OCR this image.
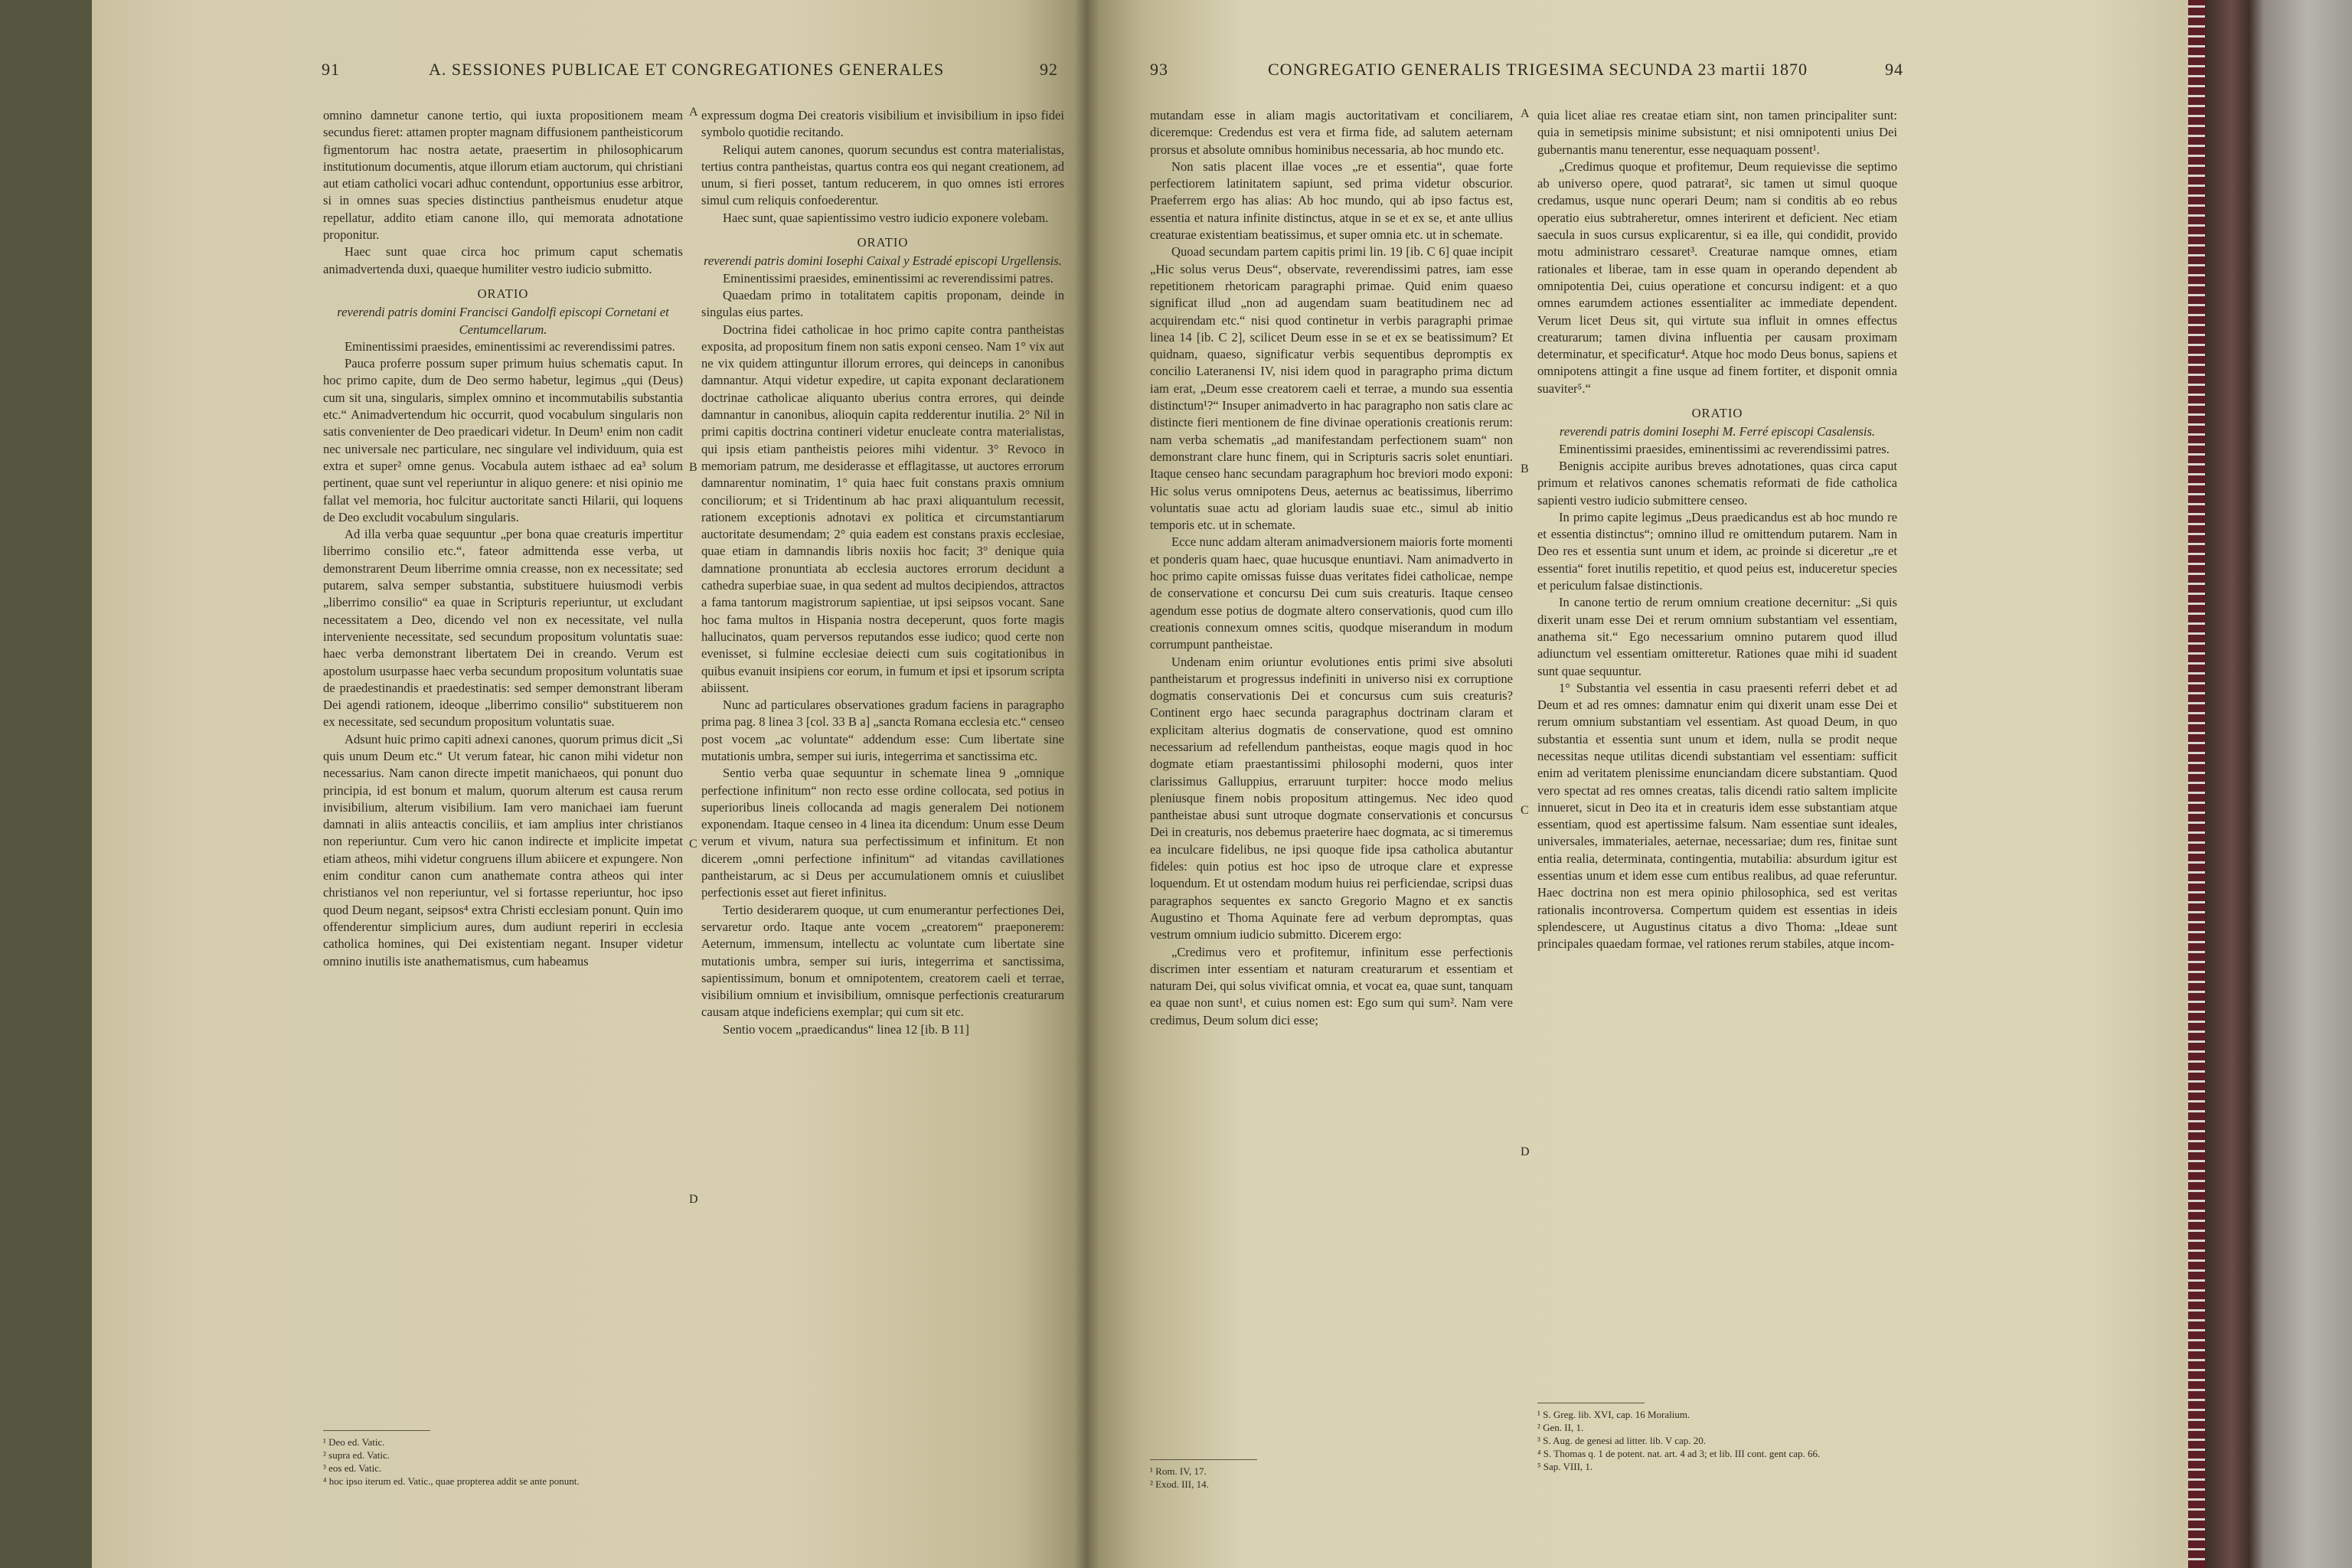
91	A. SESSIONES PUBLICAE ET CONGREGATIONES GENERALES	92

omnino damnetur canone tertio, qui iuxta propositionem meam secundus fieret: attamen propter magnam diffusionem pantheisticorum figmentorum hac nostra aetate, praesertim in philosophicarum institutionum documentis, atque illorum etiam auctorum, qui christiani aut etiam catholici vocari adhuc contendunt, opportunius esse arbitror, si in omnes suas species distinctius pantheismus enudetur atque repellatur, addito etiam canone illo, qui memorata adnotatione proponitur.

Haec sunt quae circa hoc primum caput schematis animadvertenda duxi, quaeque humiliter vestro iudicio submitto.

ORATIO

reverendi patris domini Francisci Gandolfi episcopi Cornetani et Centumcellarum.

Eminentissimi praesides, eminentissimi ac reverendissimi patres.

Pauca proferre possum super primum huius schematis caput. In hoc primo capite, dum de Deo sermo habetur, legimus „qui (Deus) cum sit una, singularis, simplex omnino et incommutabilis substantia etc.“ Animadvertendum hic occurrit, quod vocabulum singularis non satis convenienter de Deo praedicari videtur. In Deum¹ enim non cadit nec universale nec particulare, nec singulare vel individuum, quia est extra et super² omne genus. Vocabula autem isthaec ad ea³ solum pertinent, quae sunt vel reperiuntur in aliquo genere: et nisi opinio me fallat vel memoria, hoc fulcitur auctoritate sancti Hilarii, qui loquens de Deo excludit vocabulum singularis.

Ad illa verba quae sequuntur „per bona quae creaturis impertitur liberrimo consilio etc.“, fateor admittenda esse verba, ut demonstrarent Deum liberrime omnia creasse, non ex necessitate; sed putarem, salva semper substantia, substituere huiusmodi verbis „liberrimo consilio“ ea quae in Scripturis reperiuntur, ut excludant necessitatem a Deo, dicendo vel non ex necessitate, vel nulla interveniente necessitate, sed secundum propositum voluntatis suae: haec verba demonstrant libertatem Dei in creando. Verum est apostolum usurpasse haec verba secundum propositum voluntatis suae de praedestinandis et praedestinatis: sed semper demonstrant liberam Dei agendi rationem, ideoque „liberrimo consilio“ substituerem non ex necessitate, sed secundum propositum voluntatis suae.

Adsunt huic primo capiti adnexi canones, quorum primus dicit „Si quis unum Deum etc.“ Ut verum fatear, hic canon mihi videtur non necessarius. Nam canon directe impetit manichaeos, qui ponunt duo principia, id est bonum et malum, quorum alterum est causa rerum invisibilium, alterum visibilium. Iam vero manichaei iam fuerunt damnati in aliis anteactis conciliis, et iam amplius inter christianos non reperiuntur. Cum vero hic canon indirecte et implicite impetat etiam atheos, mihi videtur congruens illum abiicere et expungere. Non enim conditur canon cum anathemate contra atheos qui inter christianos vel non reperiuntur, vel si fortasse reperiuntur, hoc ipso quod Deum negant, seipsos⁴ extra Christi ecclesiam ponunt. Quin imo offenderentur simplicium aures, dum audiunt reperiri in ecclesia catholica homines, qui Dei existentiam negant. Insuper videtur omnino inutilis iste anathematismus, cum habeamus

expressum dogma Dei creatoris visibilium et invisibilium in ipso fidei symbolo quotidie recitando.

Reliqui autem canones, quorum secundus est contra materialistas, tertius contra pantheistas, quartus contra eos qui negant creationem, ad unum, si fieri posset, tantum reducerem, in quo omnes isti errores simul cum reliquis confoederentur.

Haec sunt, quae sapientissimo vestro iudicio exponere volebam.

ORATIO

reverendi patris domini Iosephi Caixal y Estradé episcopi Urgellensis.

Eminentissimi praesides, eminentissimi ac reverendissimi patres.

Quaedam primo in totalitatem capitis proponam, deinde in singulas eius partes.

Doctrina fidei catholicae in hoc primo capite contra pantheistas exposita, ad propositum finem non satis exponi censeo. Nam 1° vix aut ne vix quidem attinguntur illorum errores, qui deinceps in canonibus damnantur. Atqui videtur expedire, ut capita exponant declarationem doctrinae catholicae aliquanto uberius contra errores, qui deinde damnantur in canonibus, alioquin capita redderentur inutilia. 2° Nil in primi capitis doctrina contineri videtur enucleate contra materialistas, qui ipsis etiam pantheistis peiores mihi videntur. 3° Revoco in memoriam patrum, me desiderasse et efflagitasse, ut auctores errorum damnarentur nominatim, 1° quia haec fuit constans praxis omnium conciliorum; et si Tridentinum ab hac praxi aliquantulum recessit, rationem exceptionis adnotavi ex politica et circumstantiarum auctoritate desumendam; 2° quia eadem est constans praxis ecclesiae, quae etiam in damnandis libris noxiis hoc facit; 3° denique quia damnatione pronuntiata ab ecclesia auctores errorum decidunt a cathedra superbiae suae, in qua sedent ad multos decipiendos, attractos a fama tantorum magistrorum sapientiae, ut ipsi seipsos vocant. Sane hoc fama multos in Hispania nostra deceperunt, quos forte magis hallucinatos, quam perversos reputandos esse iudico; quod certe non evenisset, si fulmine ecclesiae deiecti cum suis cogitationibus in quibus evanuit insipiens cor eorum, in fumum et ipsi et ipsorum scripta abiissent.

Nunc ad particulares observationes gradum faciens in paragrapho prima pag. 8 linea 3 [col. 33 B a] „sancta Romana ecclesia etc.“ censeo post vocem „ac voluntate“ addendum esse: Cum libertate sine mutationis umbra, semper sui iuris, integerrima et sanctissima etc.

Sentio verba quae sequuntur in schemate linea 9 „omnique perfectione infinitum“ non recto esse ordine collocata, sed potius in superioribus lineis collocanda ad magis generalem Dei notionem exponendam. Itaque censeo in 4 linea ita dicendum: Unum esse Deum verum et vivum, natura sua perfectissimum et infinitum. Et non dicerem „omni perfectione infinitum“ ad vitandas cavillationes pantheistarum, ac si Deus per accumulationem omnis et cuiuslibet perfectionis esset aut fieret infinitus.

Tertio desiderarem quoque, ut cum enumerantur perfectiones Dei, servaretur ordo. Itaque ante vocem „creatorem“ praeponerem: Aeternum, immensum, intellectu ac voluntate cum libertate sine mutationis umbra, semper sui iuris, integerrima et sanctissima, sapientissimum, bonum et omnipotentem, creatorem caeli et terrae, visibilium omnium et invisibilium, omnisque perfectionis creaturarum causam atque indeficiens exemplar; qui cum sit etc.

Sentio vocem „praedicandus“ linea 12 [ib. B 11]

A
B
C
D

¹ Deo ed. Vatic.

² supra ed. Vatic.

³ eos ed. Vatic.

⁴ hoc ipso iterum ed. Vatic., quae propterea addit se ante ponunt.

93	CONGREGATIO GENERALIS TRIGESIMA SECUNDA 23 martii 1870	94

mutandam esse in aliam magis auctoritativam et conciliarem, diceremque: Credendus est vera et firma fide, ad salutem aeternam prorsus et absolute omnibus hominibus necessaria, ab hoc mundo etc.

Non satis placent illae voces „re et essentia“, quae forte perfectiorem latinitatem sapiunt, sed prima videtur obscurior. Praeferrem ergo has alias: Ab hoc mundo, qui ab ipso factus est, essentia et natura infinite distinctus, atque in se et ex se, et ante ullius creaturae existentiam beatissimus, et super omnia etc. ut in schemate.

Quoad secundam partem capitis primi lin. 19 [ib. C 6] quae incipit „Hic solus verus Deus“, observate, reverendissimi patres, iam esse repetitionem rhetoricam paragraphi primae. Quid enim quaeso significat illud „non ad augendam suam beatitudinem nec ad acquirendam etc.“ nisi quod continetur in verbis paragraphi primae linea 14 [ib. C 2], scilicet Deum esse in se et ex se beatissimum? Et quidnam, quaeso, significatur verbis sequentibus depromptis ex concilio Lateranensi IV, nisi idem quod in paragrapho prima dictum iam erat, „Deum esse creatorem caeli et terrae, a mundo sua essentia distinctum¹?“ Insuper animadverto in hac paragrapho non satis clare ac distincte fieri mentionem de fine divinae operationis creationis rerum: nam verba schematis „ad manifestandam perfectionem suam“ non demonstrant clare hunc finem, qui in Scripturis sacris solet enuntiari. Itaque censeo hanc secundam paragraphum hoc breviori modo exponi: Hic solus verus omnipotens Deus, aeternus ac beatissimus, liberrimo voluntatis suae actu ad gloriam laudis suae etc., simul ab initio temporis etc. ut in schemate.

Ecce nunc addam alteram animadversionem maioris forte momenti et ponderis quam haec, quae hucusque enuntiavi. Nam animadverto in hoc primo capite omissas fuisse duas veritates fidei catholicae, nempe de conservatione et concursu Dei cum suis creaturis. Itaque censeo agendum esse potius de dogmate altero conservationis, quod cum illo creationis connexum omnes scitis, quodque miserandum in modum corrumpunt pantheistae.

Undenam enim oriuntur evolutiones entis primi sive absoluti pantheistarum et progressus indefiniti in universo nisi ex corruptione dogmatis conservationis Dei et concursus cum suis creaturis? Continent ergo haec secunda paragraphus doctrinam claram et explicitam alterius dogmatis de conservatione, quod est omnino necessarium ad refellendum pantheistas, eoque magis quod in hoc dogmate etiam praestantissimi philosophi moderni, quos inter clarissimus Galluppius, erraruunt turpiter: hocce modo melius pleniusque finem nobis propositum attingemus. Nec ideo quod pantheistae abusi sunt utroque dogmate conservationis et concursus Dei in creaturis, nos debemus praeterire haec dogmata, ac si timeremus ea inculcare fidelibus, ne ipsi quoque fide ipsa catholica abutantur fideles: quin potius est hoc ipso de utroque clare et expresse loquendum. Et ut ostendam modum huius rei perficiendae, scripsi duas paragraphos sequentes ex sancto Gregorio Magno et ex sanctis Augustino et Thoma Aquinate fere ad verbum depromptas, quas vestrum omnium iudicio submitto. Dicerem ergo:

„Credimus vero et profitemur, infinitum esse perfectionis discrimen inter essentiam et naturam creaturarum et essentiam et naturam Dei, qui solus vivificat omnia, et vocat ea, quae sunt, tanquam ea quae non sunt¹, et cuius nomen est: Ego sum qui sum². Nam vere credimus, Deum solum dici esse;

quia licet aliae res creatae etiam sint, non tamen principaliter sunt: quia in semetipsis minime subsistunt; et nisi omnipotenti unius Dei gubernantis manu tenerentur, esse nequaquam possent¹.

„Credimus quoque et profitemur, Deum requievisse die septimo ab universo opere, quod patrarat², sic tamen ut simul quoque credamus, usque nunc operari Deum; nam si conditis ab eo rebus operatio eius subtraheretur, omnes interirent et deficient. Nec etiam saecula in suos cursus explicarentur, si ea ille, qui condidit, provido motu administraro cessaret³. Creaturae namque omnes, etiam rationales et liberae, tam in esse quam in operando dependent ab omnipotentia Dei, cuius operatione et concursu indigent: et a quo omnes earumdem actiones essentialiter ac immediate dependent. Verum licet Deus sit, qui virtute sua influit in omnes effectus creaturarum; tamen divina influentia per causam proximam determinatur, et specificatur⁴. Atque hoc modo Deus bonus, sapiens et omnipotens attingit a fine usque ad finem fortiter, et disponit omnia suaviter⁵.“

ORATIO

reverendi patris domini Iosephi M. Ferré episcopi Casalensis.

Eminentissimi praesides, eminentissimi ac reverendissimi patres.

Benignis accipite auribus breves adnotationes, quas circa caput primum et relativos canones schematis reformati de fide catholica sapienti vestro iudicio submittere censeo.

In primo capite legimus „Deus praedicandus est ab hoc mundo re et essentia distinctus“; omnino illud re omittendum putarem. Nam in Deo res et essentia sunt unum et idem, ac proinde si diceretur „re et essentia“ foret inutilis repetitio, et quod peius est, induceretur species et periculum falsae distinctionis.

In canone tertio de rerum omnium creatione decernitur: „Si quis dixerit unam esse Dei et rerum omnium substantiam vel essentiam, anathema sit.“ Ego necessarium omnino putarem quod illud adiunctum vel essentiam omitteretur. Rationes quae mihi id suadent sunt quae sequuntur.

1° Substantia vel essentia in casu praesenti referri debet et ad Deum et ad res omnes: damnatur enim qui dixerit unam esse Dei et rerum omnium substantiam vel essentiam. Ast quoad Deum, in quo substantia et essentia sunt unum et idem, nulla se prodit neque necessitas neque utilitas dicendi substantiam vel essentiam: sufficit enim ad veritatem plenissime enunciandam dicere substantiam. Quod vero spectat ad res omnes creatas, talis dicendi ratio saltem implicite innueret, sicut in Deo ita et in creaturis idem esse substantiam atque essentiam, quod est apertissime falsum. Nam essentiae sunt ideales, universales, immateriales, aeternae, necessariae; dum res, finitae sunt entia realia, determinata, contingentia, mutabilia: absurdum igitur est essentias unum et idem esse cum entibus realibus, ad quae referuntur. Haec doctrina non est mera opinio philosophica, sed est veritas rationalis incontroversa. Compertum quidem est essentias in ideis splendescere, ut Augustinus citatus a divo Thoma: „Ideae sunt principales quaedam formae, vel rationes rerum stabiles, atque incom-

A
B
C
D

¹ Rom. IV, 17.

² Exod. III, 14.

¹ S. Greg. lib. XVI, cap. 16 Moralium.

² Gen. II, 1.

³ S. Aug. de genesi ad litter. lib. V cap. 20.

⁴ S. Thomas q. 1 de potent. nat. art. 4 ad 3; et lib. III cont. gent cap. 66.

⁵ Sap. VIII, 1.
